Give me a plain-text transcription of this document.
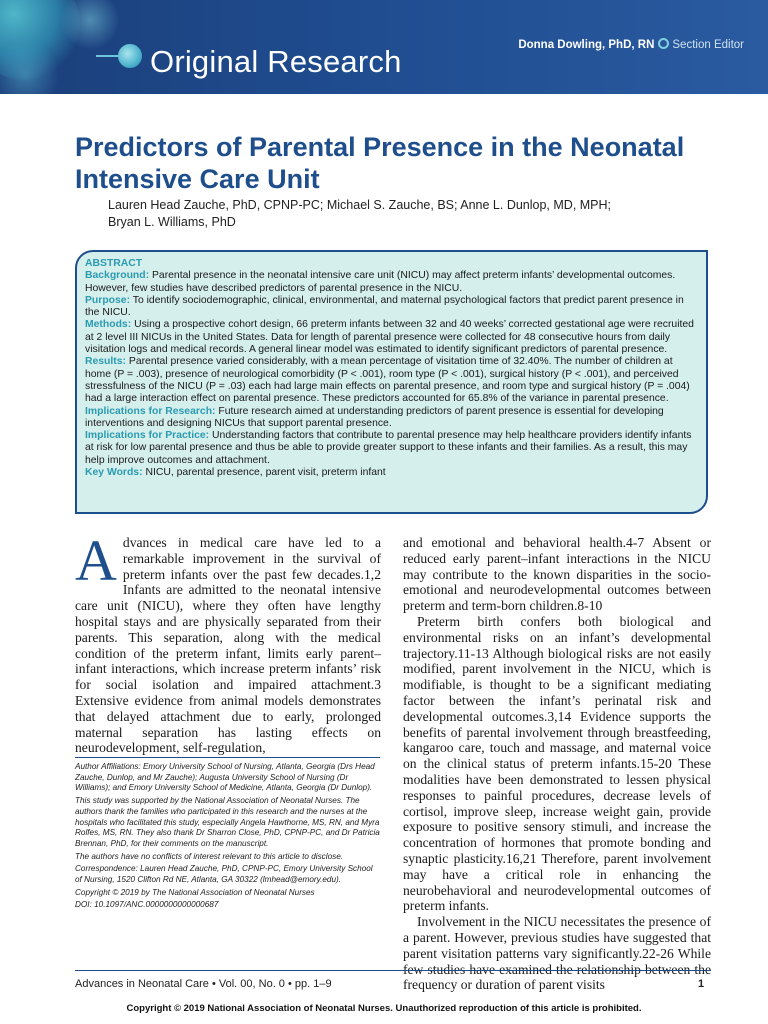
Original Research	Donna Dowling, PhD, RN Section Editor
Predictors of Parental Presence in the Neonatal Intensive Care Unit
Lauren Head Zauche, PhD, CPNP-PC; Michael S. Zauche, BS; Anne L. Dunlop, MD, MPH;
Bryan L. Williams, PhD

ABSTRACT

Background: Parental presence in the neonatal intensive care unit (NICU) may affect preterm infants’ developmental outcomes. However, few studies have described predictors of parental presence in the NICU.

Purpose: To identify sociodemographic, clinical, environmental, and maternal psychological factors that predict parent presence in the NICU.

Methods: Using a prospective cohort design, 66 preterm infants between 32 and 40 weeks’ corrected gestational age were recruited at 2 level III NICUs in the United States. Data for length of parental presence were collected for 48 consecutive hours from daily visitation logs and medical records. A general linear model was estimated to identify significant predictors of parental presence.

Results: Parental presence varied considerably, with a mean percentage of visitation time of 32.40%. The number of children at home (P = .003), presence of neurological comorbidity (P < .001), room type (P < .001), surgical history (P < .001), and perceived stressfulness of the NICU (P = .03) each had large main effects on parental presence, and room type and surgical history (P = .004) had a large interaction effect on parental presence. These predictors accounted for 65.8% of the variance in parental presence.

Implications for Research: Future research aimed at understanding predictors of parent presence is essential for developing interventions and designing NICUs that support parental presence.

Implications for Practice: Understanding factors that contribute to parental presence may help healthcare providers identify infants at risk for low parental presence and thus be able to provide greater support to these infants and their families. As a result, this may help improve outcomes and attachment.

Key Words: NICU, parental presence, parent visit, preterm infant

Advances in medical care have led to a remarkable improvement in the survival of preterm infants over the past few decades.1,2 Infants are admitted to the neonatal intensive care unit (NICU), where they often have lengthy hospital stays and are physically separated from their parents. This separation, along with the medical condition of the preterm infant, limits early parent–infant interactions, which increase preterm infants’ risk for social isolation and impaired attachment.3 Extensive evidence from animal models demonstrates that delayed attachment due to early, prolonged maternal separation has lasting effects on neurodevelopment, self-regulation,

Author Affiliations: Emory University School of Nursing, Atlanta, Georgia (Drs Head Zauche, Dunlop, and Mr Zauche); Augusta University School of Nursing (Dr Williams); and Emory University School of Medicine, Atlanta, Georgia (Dr Dunlop).

This study was supported by the National Association of Neonatal Nurses. The authors thank the families who participated in this research and the nurses at the hospitals who facilitated this study, especially Angela Hawthorne, MS, RN, and Myra Rolfes, MS, RN. They also thank Dr Sharron Close, PhD, CPNP-PC, and Dr Patricia Brennan, PhD, for their comments on the manuscript.

The authors have no conflicts of interest relevant to this article to disclose.

Correspondence: Lauren Head Zauche, PhD, CPNP-PC, Emory University School of Nursing, 1520 Clifton Rd NE, Atlanta, GA 30322 (lmhead@emory.edu).

Copyright © 2019 by The National Association of Neonatal Nurses

DOI: 10.1097/ANC.0000000000000687

and emotional and behavioral health.4-7 Absent or reduced early parent–infant interactions in the NICU may contribute to the known disparities in the socio-emotional and neurodevelopmental outcomes between preterm and term-born children.8-10

Preterm birth confers both biological and environmental risks on an infant’s developmental trajectory.11-13 Although biological risks are not easily modified, parent involvement in the NICU, which is modifiable, is thought to be a significant mediating factor between the infant’s perinatal risk and developmental outcomes.3,14 Evidence supports the benefits of parental involvement through breastfeeding, kangaroo care, touch and massage, and maternal voice on the clinical status of preterm infants.15-20 These modalities have been demonstrated to lessen physical responses to painful procedures, decrease levels of cortisol, improve sleep, increase weight gain, provide exposure to positive sensory stimuli, and increase the concentration of hormones that promote bonding and synaptic plasticity.16,21 Therefore, parent involvement may have a critical role in enhancing the neurobehavioral and neurodevelopmental outcomes of preterm infants.

Involvement in the NICU necessitates the presence of a parent. However, previous studies have suggested that parent visitation patterns vary significantly.22-26 While frequency or duration of parent visits

Advances in Neonatal Care • Vol. 00, No. 0 • pp. 1–9	1
Copyright © 2019 National Association of Neonatal Nurses. Unauthorized reproduction of this article is prohibited.
